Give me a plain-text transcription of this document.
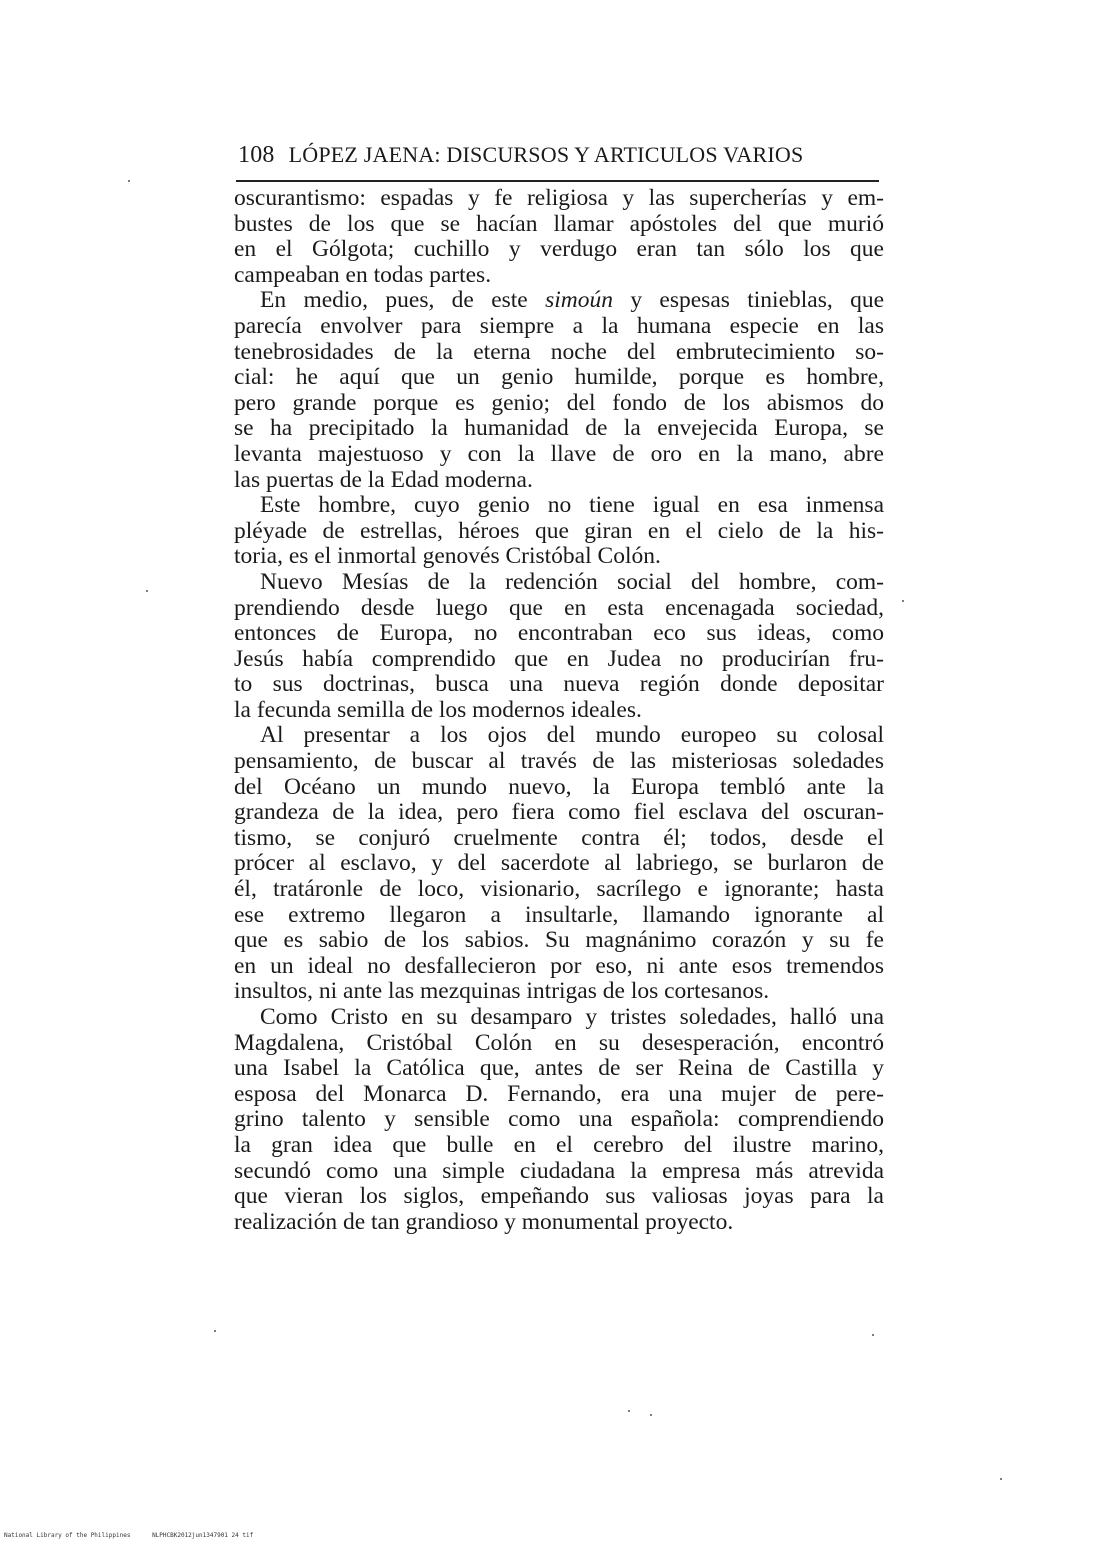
108 LÓPEZ JAENA: DISCURSOS Y ARTICULOS VARIOS
oscurantismo: espadas y fe religiosa y las supercherías y em-
bustes de los que se hacían llamar apóstoles del que murió
en el Gólgota; cuchillo y verdugo eran tan sólo los que
campeaban en todas partes.
En medio, pues, de este simoún y espesas tinieblas, que
parecía envolver para siempre a la humana especie en las
tenebrosidades de la eterna noche del embrutecimiento so-
cial: he aquí que un genio humilde, porque es hombre,
pero grande porque es genio; del fondo de los abismos do
se ha precipitado la humanidad de la envejecida Europa, se
levanta majestuoso y con la llave de oro en la mano, abre
las puertas de la Edad moderna.
Este hombre, cuyo genio no tiene igual en esa inmensa
pléyade de estrellas, héroes que giran en el cielo de la his-
toria, es el inmortal genovés Cristóbal Colón.
Nuevo Mesías de la redención social del hombre, com-
prendiendo desde luego que en esta encenagada sociedad,
entonces de Europa, no encontraban eco sus ideas, como
Jesús había comprendido que en Judea no producirían fru-
to sus doctrinas, busca una nueva región donde depositar
la fecunda semilla de los modernos ideales.
Al presentar a los ojos del mundo europeo su colosal
pensamiento, de buscar al través de las misteriosas soledades
del Océano un mundo nuevo, la Europa tembló ante la
grandeza de la idea, pero fiera como fiel esclava del oscuran-
tismo, se conjuró cruelmente contra él; todos, desde el
prócer al esclavo, y del sacerdote al labriego, se burlaron de
él, tratáronle de loco, visionario, sacrílego e ignorante; hasta
ese extremo llegaron a insultarle, llamando ignorante al
que es sabio de los sabios. Su magnánimo corazón y su fe
en un ideal no desfallecieron por eso, ni ante esos tremendos
insultos, ni ante las mezquinas intrigas de los cortesanos.
Como Cristo en su desamparo y tristes soledades, halló una
Magdalena, Cristóbal Colón en su desesperación, encontró
una Isabel la Católica que, antes de ser Reina de Castilla y
esposa del Monarca D. Fernando, era una mujer de pere-
grino talento y sensible como una española: comprendiendo
la gran idea que bulle en el cerebro del ilustre marino,
secundó como una simple ciudadana la empresa más atrevida
que vieran los siglos, empeñando sus valiosas joyas para la
realización de tan grandioso y monumental proyecto.
National Library of the Philippines	NLPHCBK2012jun1347901 24 tif
